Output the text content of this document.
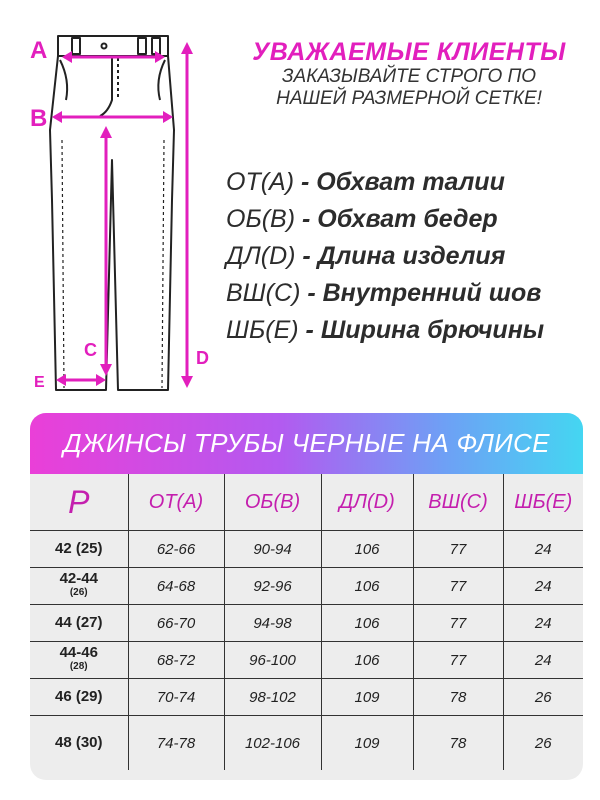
A
B
C	D
E
УВАЖАЕМЫЕ КЛИЕНТЫ
ЗАКАЗЫВАЙТЕ СТРОГО ПО
НАШЕЙ РАЗМЕРНОЙ СЕТКЕ!
ОТ(A) - Обхват талии
ОБ(B) - Обхват бедер
ДЛ(D) - Длина изделия
ВШ(C) - Внутренний шов
ШБ(E) - Ширина брючины
ДЖИНСЫ ТРУБЫ ЧЕРНЫЕ НА ФЛИСЕ
Р	ОТ(А)	ОБ(В)	ДЛ(D)	ВШ(С)	ШБ(Е)
42 (25)	62-66	90-94	106	77	24
42-44
(26)	64-68	92-96	106	77	24
44 (27)	66-70	94-98	106	77	24
44-46
(28)	68-72	96-100	106	77	24
46 (29)	70-74	98-102	109	78	26
48 (30)	74-78	102-106	109	78	26
